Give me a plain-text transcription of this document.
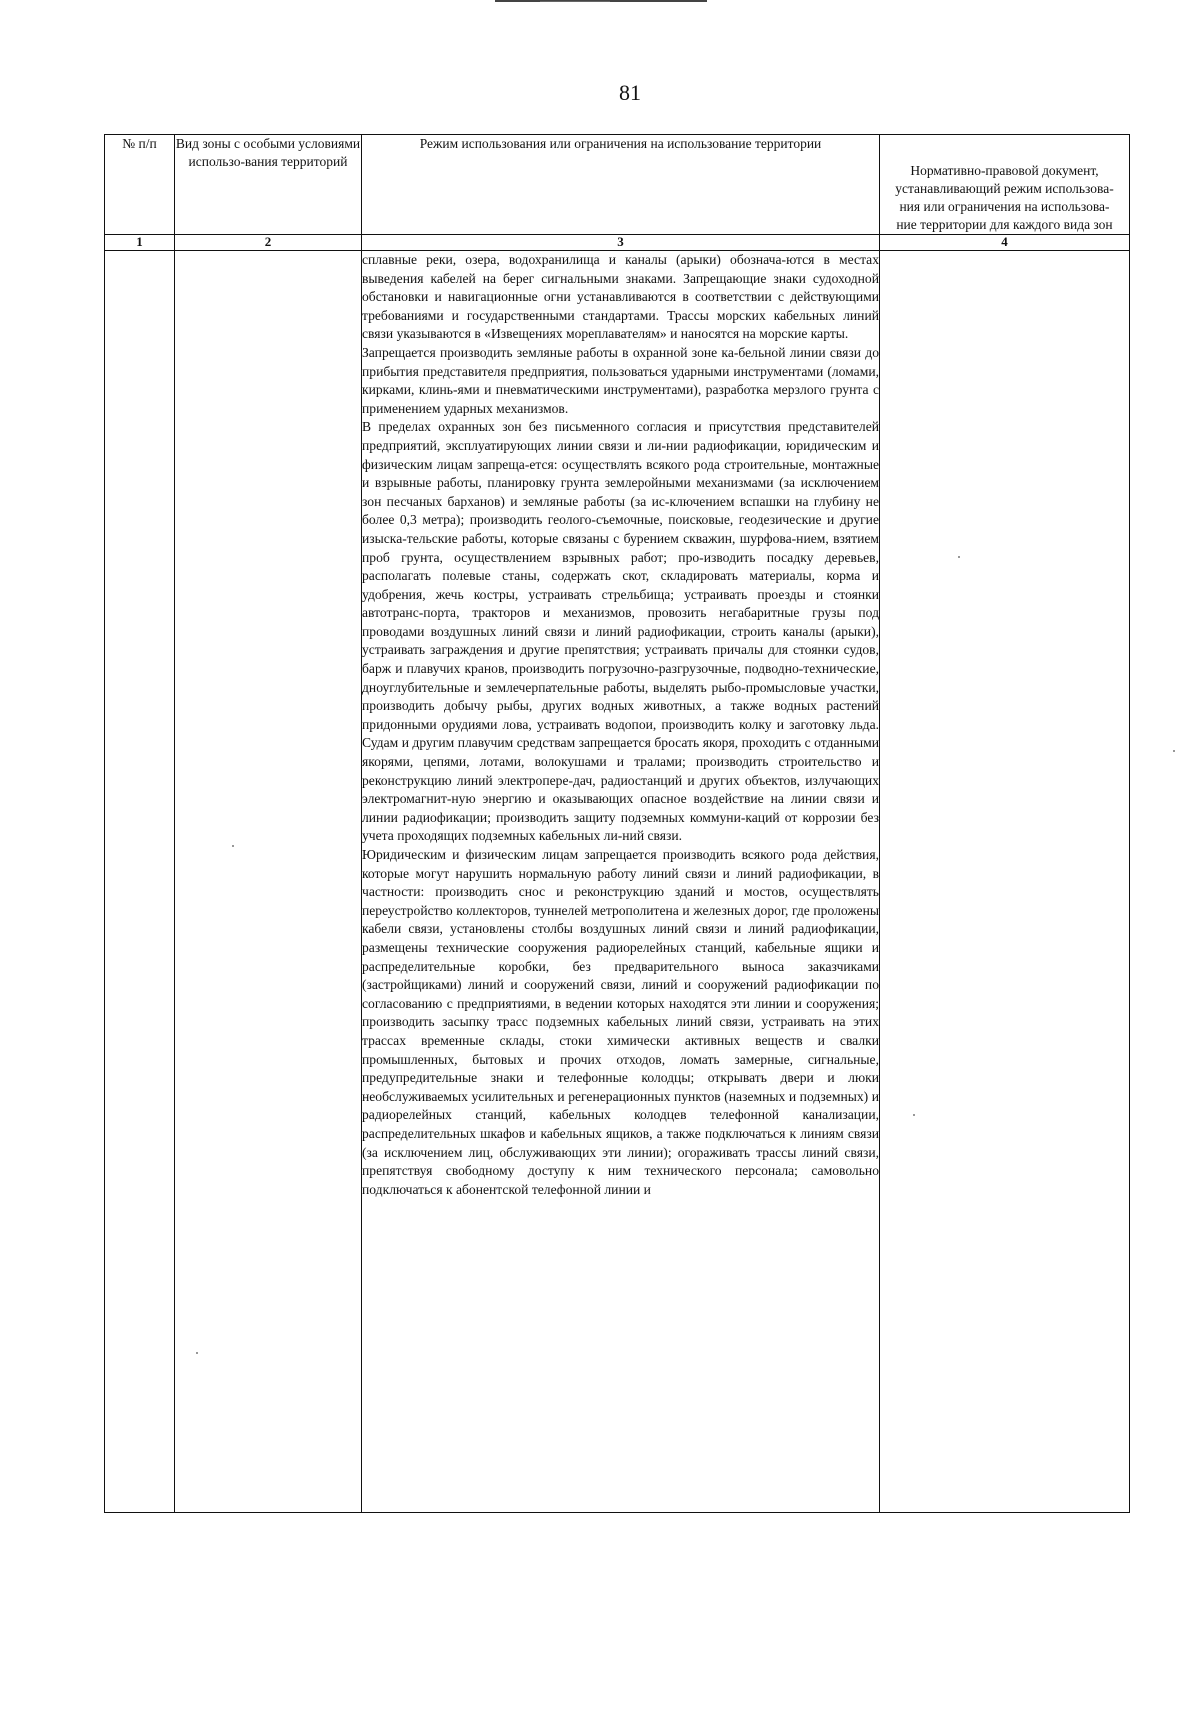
81
№ п/п	Вид зоны с особыми условиями использо-вания территорий	Режим использования или ограничения на использование территории	Нормативно-правовой документ, устанавливающий режим использова-ния или ограничения на использова-ние территории для каждого вида зон

1	2	3	4

		сплавные реки, озера, водохранилища и каналы (арыки) обознача-ются в местах выведения кабелей на берег сигнальными знаками. Запрещающие знаки судоходной обстановки и навигационные огни устанавливаются в соответствии с действующими требованиями и государственными стандартами. Трассы морских кабельных линий связи указываются в «Извещениях мореплавателям» и наносятся на морские карты.

Запрещается производить земляные работы в охранной зоне ка-бельной линии связи до прибытия представителя предприятия, пользоваться ударными инструментами (ломами, кирками, клинь-ями и пневматическими инструментами), разработка мерзлого грунта с применением ударных механизмов.

В пределах охранных зон без письменного согласия и присутствия представителей предприятий, эксплуатирующих линии связи и ли-нии радиофикации, юридическим и физическим лицам запреща-ется: осуществлять всякого рода строительные, монтажные и взрывные работы, планировку грунта землеройными механизмами (за исключением зон песчаных барханов) и земляные работы (за ис-ключением вспашки на глубину не более 0,3 метра); производить геолого-съемочные, поисковые, геодезические и другие изыска-тельские работы, которые связаны с бурением скважин, шурфова-нием, взятием проб грунта, осуществлением взрывных работ; про-изводить посадку деревьев, располагать полевые станы, содержать скот, складировать материалы, корма и удобрения, жечь костры, устраивать стрельбища; устраивать проезды и стоянки автотранс-порта, тракторов и механизмов, провозить негабаритные грузы под проводами воздушных линий связи и линий радиофикации, строить каналы (арыки), устраивать заграждения и другие препятствия; устраивать причалы для стоянки судов, барж и плавучих кранов, производить погрузочно-разгрузочные, подводно-технические, дноуглубительные и землечерпательные работы, выделять рыбо-промысловые участки, производить добычу рыбы, других водных животных, а также водных растений придонными орудиями лова, устраивать водопои, производить колку и заготовку льда. Судам и другим плавучим средствам запрещается бросать якоря, проходить с отданными якорями, цепями, лотами, волокушами и тралами; производить строительство и реконструкцию линий электропере-дач, радиостанций и других объектов, излучающих электромагнит-ную энергию и оказывающих опасное воздействие на линии связи и линии радиофикации; производить защиту подземных коммуни-каций от коррозии без учета проходящих подземных кабельных ли-ний связи.

Юридическим и физическим лицам запрещается производить всякого рода действия, которые могут нарушить нормальную работу линий связи и линий радиофикации, в частности: производить снос и реконструкцию зданий и мостов, осуществлять переустройство коллекторов, туннелей метрополитена и железных дорог, где проложены кабели связи, установлены столбы воздушных линий связи и линий радиофикации, размещены технические сооружения радиорелейных станций, кабельные ящики и распределительные коробки, без предварительного выноса заказчиками (застройщиками) линий и сооружений связи, линий и сооружений радиофикации по согласованию с предприятиями, в ведении которых находятся эти линии и сооружения; производить засыпку трасс подземных кабельных линий связи, устраивать на этих трассах временные склады, стоки химически активных веществ и свалки промышленных, бытовых и прочих отходов, ломать замерные, сигнальные, предупредительные знаки и телефонные колодцы; открывать двери и люки необслуживаемых усилительных и регенерационных пунктов (наземных и подземных) и радиорелейных станций, кабельных колодцев телефонной канализации, распределительных шкафов и кабельных ящиков, а также подключаться к линиям связи (за исключением лиц, обслуживающих эти линии); огораживать трассы линий связи, препятствуя свободному доступу к ним технического персонала; самовольно подключаться к абонентской телефонной линии и	
